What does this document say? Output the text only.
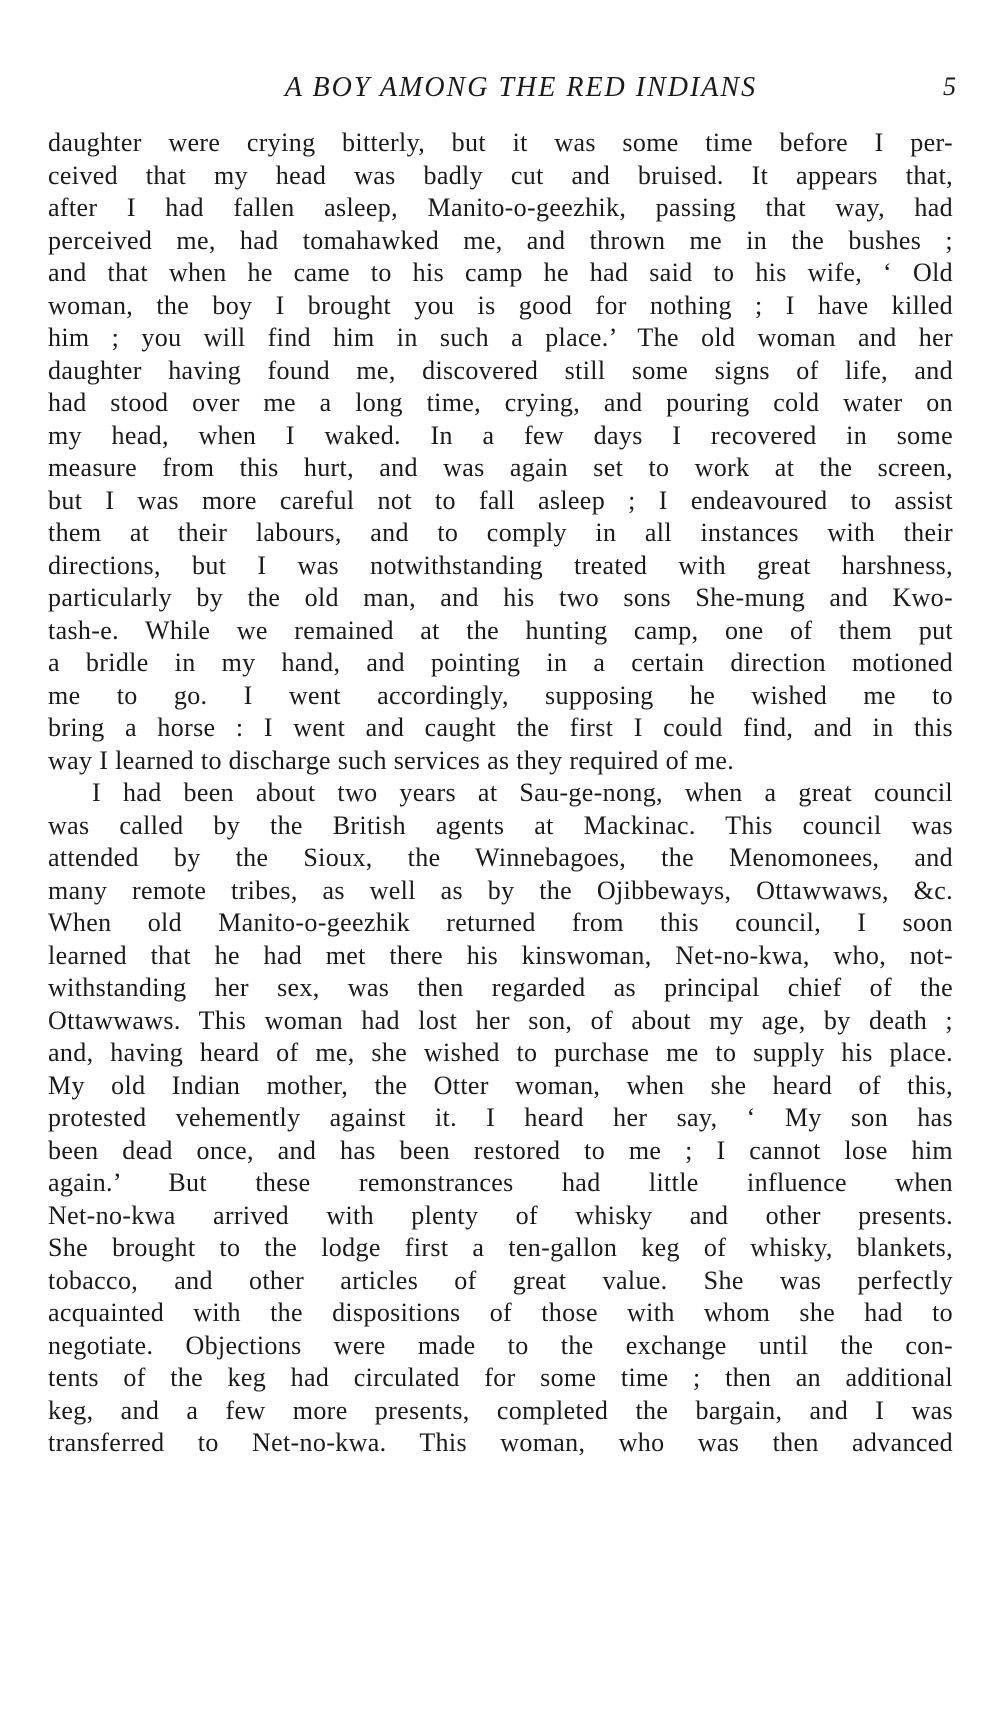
A BOY AMONG THE RED INDIANS	5
daughter were crying bitterly, but it was some time before I per-
ceived that my head was badly cut and bruised. It appears that,
after I had fallen asleep, Manito-o-geezhik, passing that way, had
perceived me, had tomahawked me, and thrown me in the bushes ;
and that when he came to his camp he had said to his wife, ‘ Old
woman, the boy I brought you is good for nothing ; I have killed
him ; you will find him in such a place.’ The old woman and her
daughter having found me, discovered still some signs of life, and
had stood over me a long time, crying, and pouring cold water on
my head, when I waked. In a few days I recovered in some
measure from this hurt, and was again set to work at the screen,
but I was more careful not to fall asleep ; I endeavoured to assist
them at their labours, and to comply in all instances with their
directions, but I was notwithstanding treated with great harshness,
particularly by the old man, and his two sons She-mung and Kwo-
tash-e. While we remained at the hunting camp, one of them put
a bridle in my hand, and pointing in a certain direction motioned
me to go. I went accordingly, supposing he wished me to
bring a horse : I went and caught the first I could find, and in this
way I learned to discharge such services as they required of me.
I had been about two years at Sau-ge-nong, when a great council
was called by the British agents at Mackinac. This council was
attended by the Sioux, the Winnebagoes, the Menomonees, and
many remote tribes, as well as by the Ojibbeways, Ottawwaws, &c.
When old Manito-o-geezhik returned from this council, I soon
learned that he had met there his kinswoman, Net-no-kwa, who, not-
withstanding her sex, was then regarded as principal chief of the
Ottawwaws. This woman had lost her son, of about my age, by death ;
and, having heard of me, she wished to purchase me to supply his place.
My old Indian mother, the Otter woman, when she heard of this,
protested vehemently against it. I heard her say, ‘ My son has
been dead once, and has been restored to me ; I cannot lose him
again.’ But these remonstrances had little influence when
Net-no-kwa arrived with plenty of whisky and other presents.
She brought to the lodge first a ten-gallon keg of whisky, blankets,
tobacco, and other articles of great value. She was perfectly
acquainted with the dispositions of those with whom she had to
negotiate. Objections were made to the exchange until the con-
tents of the keg had circulated for some time ; then an additional
keg, and a few more presents, completed the bargain, and I was
transferred to Net-no-kwa. This woman, who was then advanced
